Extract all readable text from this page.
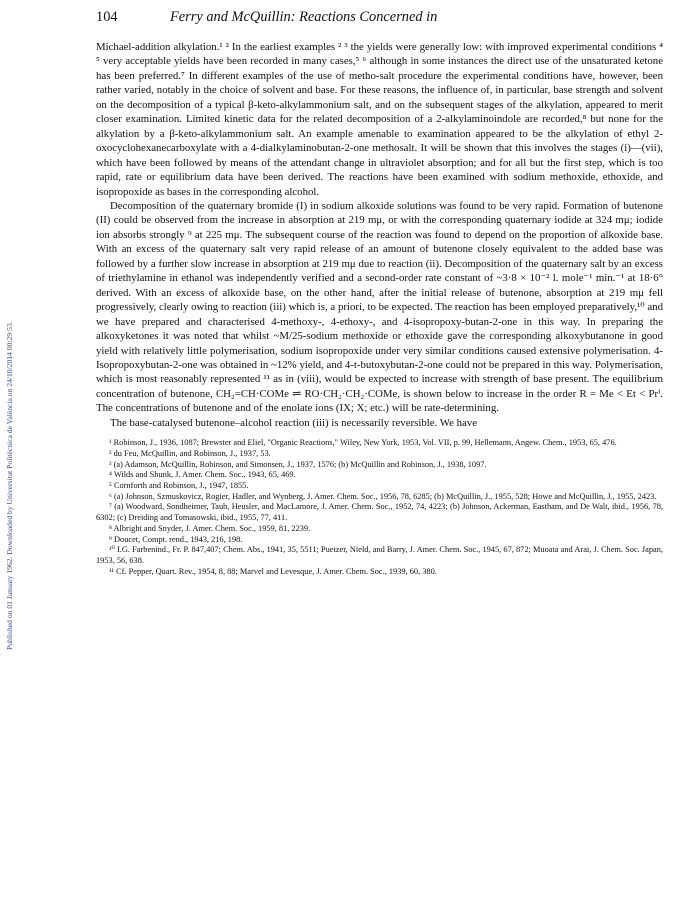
Published on 01 January 1962. Downloaded by Universitat Politècnica de València on 24/10/2014 00:29:53.
104	Ferry and McQuillin: Reactions Concerned in

Michael-addition alkylation.¹ ² In the earliest examples ² ³ the yields were generally low: with improved experimental conditions ⁴ ⁵ very acceptable yields have been recorded in many cases,⁵ ⁶ although in some instances the direct use of the unsaturated ketone has been preferred.⁷ In different examples of the use of metho-salt procedure the experimental conditions have, however, been rather varied, notably in the choice of solvent and base. For these reasons, the influence of, in particular, base strength and solvent on the decomposition of a typical β-keto-alkylammonium salt, and on the subsequent stages of the alkylation, appeared to merit closer examination. Limited kinetic data for the related decomposition of a 2-alkylaminoindole are recorded,⁸ but none for the alkylation by a β-keto-alkylammonium salt. An example amenable to examination appeared to be the alkylation of ethyl 2-oxocyclohexanecarboxylate with a 4-dialkylaminobutan-2-one methosalt. It will be shown that this involves the stages (i)—(vii), which have been followed by means of the attendant change in ultraviolet absorption; and for all but the first step, which is too rapid, rate or equilibrium data have been derived. The reactions have been examined with sodium methoxide, ethoxide, and isopropoxide as bases in the corresponding alcohol.

Decomposition of the quaternary bromide (I) in sodium alkoxide solutions was found to be very rapid. Formation of butenone (II) could be observed from the increase in absorption at 219 mμ, or with the corresponding quaternary iodide at 324 mμ; iodide ion absorbs strongly ⁹ at 225 mμ. The subsequent course of the reaction was found to depend on the proportion of alkoxide base. With an excess of the quaternary salt very rapid release of an amount of butenone closely equivalent to the added base was followed by a further slow increase in absorption at 219 mμ due to reaction (ii). Decomposition of the quaternary salt by an excess of triethylamine in ethanol was independently verified and a second-order rate constant of ~3·8 × 10⁻² l. mole⁻¹ min.⁻¹ at 18·6° derived. With an excess of alkoxide base, on the other hand, after the initial release of butenone, absorption at 219 mμ fell progressively, clearly owing to reaction (iii) which is, a priori, to be expected. The reaction has been employed preparatively,¹⁰ and we have prepared and characterised 4-methoxy-, 4-ethoxy-, and 4-isopropoxy-butan-2-one in this way. In preparing the alkoxyketones it was noted that whilst ~M/25-sodium methoxide or ethoxide gave the corresponding alkoxybutanone in good yield with relatively little polymerisation, sodium isopropoxide under very similar conditions caused extensive polymerisation. 4-Isopropoxybutan-2-one was obtained in ~12% yield, and 4-t-butoxybutan-2-one could not be prepared in this way. Polymerisation, which is most reasonably represented ¹¹ as in (viii), would be expected to increase with strength of base present. The equilibrium concentration of butenone, CH₂=CH·COMe ⇌ RO·CH₂·CH₂·COMe, is shown below to increase in the order R = Me < Et < Prⁱ. The concentrations of butenone and of the enolate ions (IX; X; etc.) will be rate-determining.

The base-catalysed butenone–alcohol reaction (iii) is necessarily reversible. We have

¹ Robinson, J., 1936, 1087; Brewster and Eliel, "Organic Reactions," Wiley, New York, 1953, Vol. VII, p. 99, Hellemann, Angew. Chem., 1953, 65, 476.

² du Feu, McQuillin, and Robinson, J., 1937, 53.

³ (a) Adamson, McQuillin, Robinson, and Simonsen, J., 1937, 1576; (b) McQuillin and Robinson, J., 1938, 1097.

⁴ Wilds and Shunk, J. Amer. Chem. Soc., 1943, 65, 469.

⁵ Cornforth and Robinson, J., 1947, 1855.

⁶ (a) Johnson, Szmuskovicz, Rogier, Hadler, and Wynberg, J. Amer. Chem. Soc., 1956, 78, 6285; (b) McQuillin, J., 1955, 528; Howe and McQuillin, J., 1955, 2423.

⁷ (a) Woodward, Sondheimer, Taub, Heusler, and MacLamore, J. Amer. Chem. Soc., 1952, 74, 4223; (b) Johnson, Ackerman, Eastham, and De Walt, ibid., 1956, 78, 6302; (c) Dreiding and Tomasowski, ibid., 1955, 77, 411.

⁸ Albright and Snyder, J. Amer. Chem. Soc., 1959, 81, 2239.

⁹ Doucet, Compt. rend., 1943, 216, 198.

¹⁰ I.G. Farbenind., Fr. P. 847,407; Chem. Abs., 1941, 35, 5511; Puetzer, Nield, and Barry, J. Amer. Chem. Soc., 1945, 67, 872; Muoata and Arai, J. Chem. Soc. Japan, 1953, 56, 638.

¹¹ Cf. Pepper, Quart. Rev., 1954, 8, 88; Marvel and Levesque, J. Amer. Chem. Soc., 1939, 60, 380.
